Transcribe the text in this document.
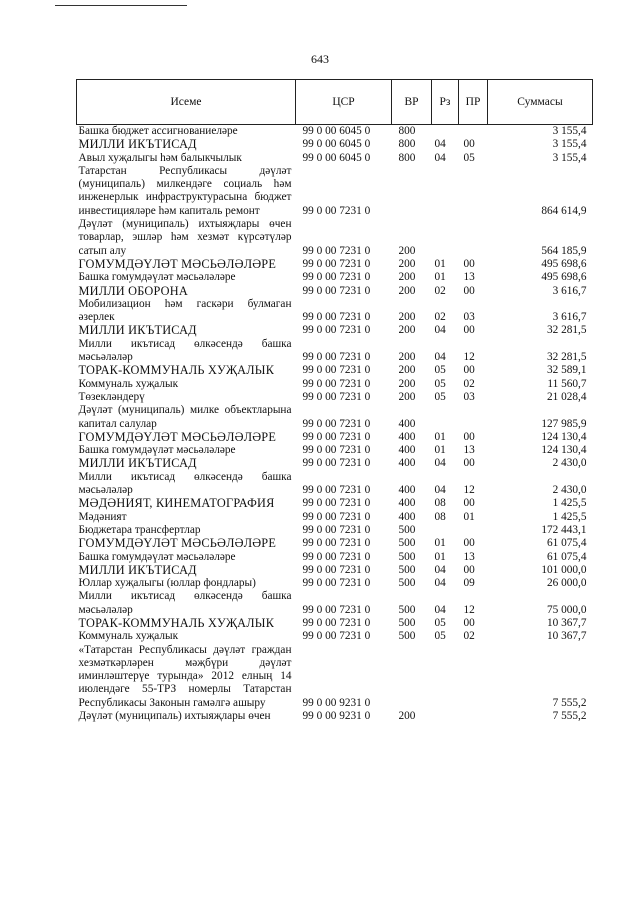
643
Исеме	ЦСР	ВР	Рз	ПР	Суммасы
Башка бюджет ассигнованиеләре	99 0 00 6045 0	800			3 155,4
МИЛЛИ ИКЪТИСАД	99 0 00 6045 0	800	04	00	3 155,4
Авыл хуҗалыгы һәм балыкчылык	99 0 00 6045 0	800	04	05	3 155,4
Татарстан Республикасы дәүләт (муниципаль) милкендәге социаль һәм инженерлык инфраструктурасына бюджет инвестицияләре һәм капиталь ремонт	99 0 00 7231 0				864 614,9
Дәүләт (муниципаль) ихтыяҗлары өчен товарлар, эшләр һәм хезмәт күрсәтүләр сатып алу	99 0 00 7231 0	200			564 185,9
ГОМУМДӘҮЛӘТ МӘСЬӘЛӘЛӘРЕ	99 0 00 7231 0	200	01	00	495 698,6
Башка гомумдәүләт мәсьәләләре	99 0 00 7231 0	200	01	13	495 698,6
МИЛЛИ ОБОРОНА	99 0 00 7231 0	200	02	00	3 616,7
Мобилизацион һәм гаскәри булмаган әзерлек	99 0 00 7231 0	200	02	03	3 616,7
МИЛЛИ ИКЪТИСАД	99 0 00 7231 0	200	04	00	32 281,5
Милли икътисад өлкәсендә башка мәсьәләләр	99 0 00 7231 0	200	04	12	32 281,5
ТОРАК-КОММУНАЛЬ ХУҖАЛЫК	99 0 00 7231 0	200	05	00	32 589,1
Коммуналь хуҗалык	99 0 00 7231 0	200	05	02	11 560,7
Төзекләндерү	99 0 00 7231 0	200	05	03	21 028,4
Дәүләт (муниципаль) милке объектларына капитал салулар	99 0 00 7231 0	400			127 985,9
ГОМУМДӘҮЛӘТ МӘСЬӘЛӘЛӘРЕ	99 0 00 7231 0	400	01	00	124 130,4
Башка гомумдәүләт мәсьәләләре	99 0 00 7231 0	400	01	13	124 130,4
МИЛЛИ ИКЪТИСАД	99 0 00 7231 0	400	04	00	2 430,0
Милли икътисад өлкәсендә башка мәсьәләләр	99 0 00 7231 0	400	04	12	2 430,0
МӘДӘНИЯТ, КИНЕМАТОГРАФИЯ	99 0 00 7231 0	400	08	00	1 425,5
Мәдәният	99 0 00 7231 0	400	08	01	1 425,5
Бюджетара трансфертлар	99 0 00 7231 0	500			172 443,1
ГОМУМДӘҮЛӘТ МӘСЬӘЛӘЛӘРЕ	99 0 00 7231 0	500	01	00	61 075,4
Башка гомумдәүләт мәсьәләләре	99 0 00 7231 0	500	01	13	61 075,4
МИЛЛИ ИКЪТИСАД	99 0 00 7231 0	500	04	00	101 000,0
Юллар хуҗалыгы (юллар фондлары)	99 0 00 7231 0	500	04	09	26 000,0
Милли икътисад өлкәсендә башка мәсьәләләр	99 0 00 7231 0	500	04	12	75 000,0
ТОРАК-КОММУНАЛЬ ХУҖАЛЫК	99 0 00 7231 0	500	05	00	10 367,7
Коммуналь хуҗалык	99 0 00 7231 0	500	05	02	10 367,7
«Татарстан Республикасы дәүләт граждан хезмәткәрләрен мәҗбүри дәүләт иминләштерүе турында» 2012 елның 14 июлендәге 55-ТРЗ номерлы Татарстан Республикасы Законын гамәлгә ашыру	99 0 00 9231 0				7 555,2
Дәүләт (муниципаль) ихтыяҗлары өчен	99 0 00 9231 0	200			7 555,2
